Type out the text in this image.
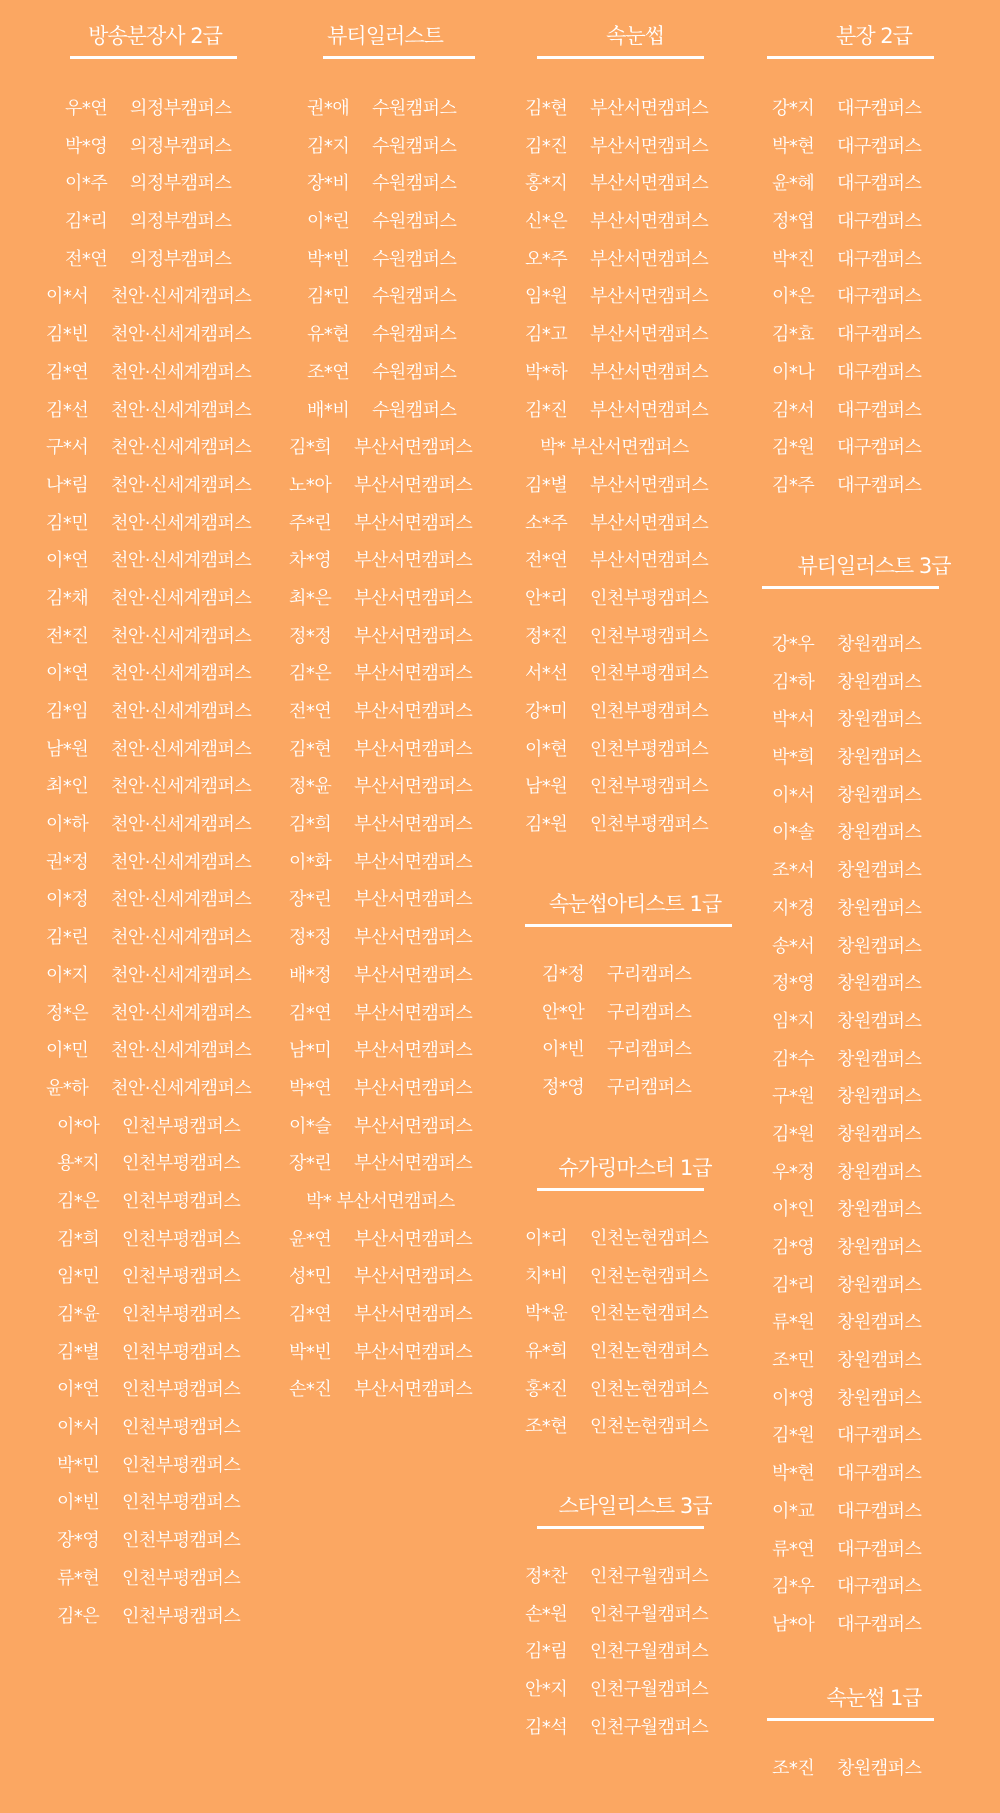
방송분장사 2급
우*연 의정부캠퍼스
박*영 의정부캠퍼스
이*주 의정부캠퍼스
김*리 의정부캠퍼스
전*연 의정부캠퍼스
이*서 천안·신세계캠퍼스
김*빈 천안·신세계캠퍼스
김*연 천안·신세계캠퍼스
김*선 천안·신세계캠퍼스
구*서 천안·신세계캠퍼스
나*림 천안·신세계캠퍼스
김*민 천안·신세계캠퍼스
이*연 천안·신세계캠퍼스
김*채 천안·신세계캠퍼스
전*진 천안·신세계캠퍼스
이*연 천안·신세계캠퍼스
김*임 천안·신세계캠퍼스
남*원 천안·신세계캠퍼스
최*인 천안·신세계캠퍼스
이*하 천안·신세계캠퍼스
권*정 천안·신세계캠퍼스
이*정 천안·신세계캠퍼스
김*린 천안·신세계캠퍼스
이*지 천안·신세계캠퍼스
정*은 천안·신세계캠퍼스
이*민 천안·신세계캠퍼스
윤*하 천안·신세계캠퍼스
이*아 인천부평캠퍼스
용*지 인천부평캠퍼스
김*은 인천부평캠퍼스
김*희 인천부평캠퍼스
임*민 인천부평캠퍼스
김*윤 인천부평캠퍼스
김*별 인천부평캠퍼스
이*연 인천부평캠퍼스
이*서 인천부평캠퍼스
박*민 인천부평캠퍼스
이*빈 인천부평캠퍼스
장*영 인천부평캠퍼스
류*현 인천부평캠퍼스
김*은 인천부평캠퍼스
뷰티일러스트
권*애 수원캠퍼스
김*지 수원캠퍼스
장*비 수원캠퍼스
이*린 수원캠퍼스
박*빈 수원캠퍼스
김*민 수원캠퍼스
유*현 수원캠퍼스
조*연 수원캠퍼스
배*비 수원캠퍼스
김*희 부산서면캠퍼스
노*아 부산서면캠퍼스
주*린 부산서면캠퍼스
차*영 부산서면캠퍼스
최*은 부산서면캠퍼스
정*정 부산서면캠퍼스
김*은 부산서면캠퍼스
전*연 부산서면캠퍼스
김*현 부산서면캠퍼스
정*윤 부산서면캠퍼스
김*희 부산서면캠퍼스
이*화 부산서면캠퍼스
장*린 부산서면캠퍼스
정*정 부산서면캠퍼스
배*정 부산서면캠퍼스
김*연 부산서면캠퍼스
남*미 부산서면캠퍼스
박*연 부산서면캠퍼스
이*슬 부산서면캠퍼스
장*린 부산서면캠퍼스
박* 부산서면캠퍼스
윤*연 부산서면캠퍼스
성*민 부산서면캠퍼스
김*연 부산서면캠퍼스
박*빈 부산서면캠퍼스
손*진 부산서면캠퍼스
속눈썹
김*현 부산서면캠퍼스
김*진 부산서면캠퍼스
홍*지 부산서면캠퍼스
신*은 부산서면캠퍼스
오*주 부산서면캠퍼스
임*원 부산서면캠퍼스
김*고 부산서면캠퍼스
박*하 부산서면캠퍼스
김*진 부산서면캠퍼스
박* 부산서면캠퍼스
김*별 부산서면캠퍼스
소*주 부산서면캠퍼스
전*연 부산서면캠퍼스
안*리 인천부평캠퍼스
정*진 인천부평캠퍼스
서*선 인천부평캠퍼스
강*미 인천부평캠퍼스
이*현 인천부평캠퍼스
남*원 인천부평캠퍼스
김*원 인천부평캠퍼스
속눈썹아티스트 1급
김*정 구리캠퍼스
안*안 구리캠퍼스
이*빈 구리캠퍼스
정*영 구리캠퍼스
슈가링마스터 1급
이*리 인천논현캠퍼스
치*비 인천논현캠퍼스
박*윤 인천논현캠퍼스
유*희 인천논현캠퍼스
홍*진 인천논현캠퍼스
조*현 인천논현캠퍼스
스타일리스트 3급
정*찬 인천구월캠퍼스
손*원 인천구월캠퍼스
김*림 인천구월캠퍼스
안*지 인천구월캠퍼스
김*석 인천구월캠퍼스
분장 2급
강*지 대구캠퍼스
박*현 대구캠퍼스
윤*혜 대구캠퍼스
정*엽 대구캠퍼스
박*진 대구캠퍼스
이*은 대구캠퍼스
김*효 대구캠퍼스
이*나 대구캠퍼스
김*서 대구캠퍼스
김*원 대구캠퍼스
김*주 대구캠퍼스
뷰티일러스트 3급
강*우 창원캠퍼스
김*하 창원캠퍼스
박*서 창원캠퍼스
박*희 창원캠퍼스
이*서 창원캠퍼스
이*솔 창원캠퍼스
조*서 창원캠퍼스
지*경 창원캠퍼스
송*서 창원캠퍼스
정*영 창원캠퍼스
임*지 창원캠퍼스
김*수 창원캠퍼스
구*원 창원캠퍼스
김*원 창원캠퍼스
우*정 창원캠퍼스
이*인 창원캠퍼스
김*영 창원캠퍼스
김*리 창원캠퍼스
류*원 창원캠퍼스
조*민 창원캠퍼스
이*영 창원캠퍼스
김*원 대구캠퍼스
박*현 대구캠퍼스
이*교 대구캠퍼스
류*연 대구캠퍼스
김*우 대구캠퍼스
남*아 대구캠퍼스
속눈썹 1급
조*진 창원캠퍼스
